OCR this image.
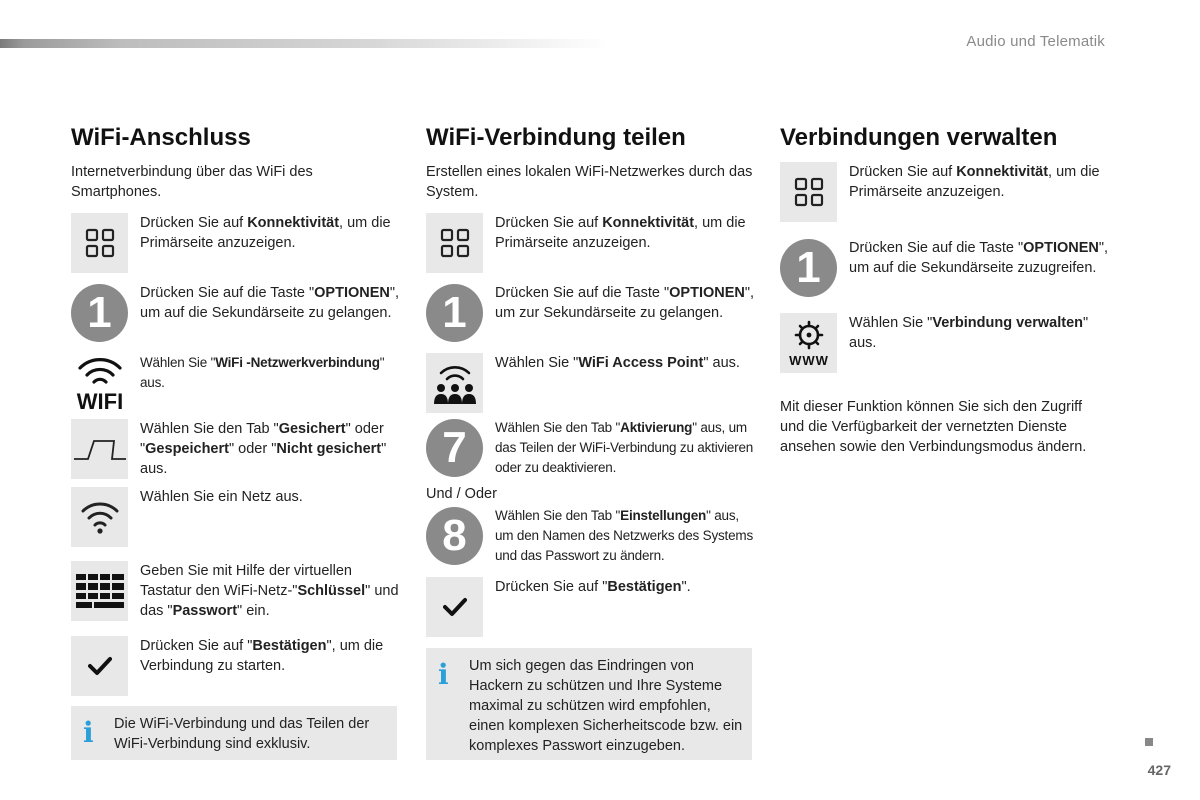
Audio und Telematik
WiFi-Anschluss
Internetverbindung über das WiFi des Smartphones.
Drücken Sie auf Konnektivität, um die Primärseite anzuzeigen.
1	Drücken Sie auf die Taste "OPTIONEN", um auf die Sekundärseite zu gelangen.
WIFI
Wählen Sie "WiFi -Netzwerkverbindung" aus.
Wählen Sie den Tab "Gesichert" oder "Gespeichert" oder "Nicht gesichert" aus.
Wählen Sie ein Netz aus.
Geben Sie mit Hilfe der virtuellen Tastatur den WiFi-Netz-"Schlüssel" und das "Passwort" ein.
Drücken Sie auf "Bestätigen", um die Verbindung zu starten.
i Die WiFi-Verbindung und das Teilen der WiFi-Verbindung sind exklusiv.
WiFi-Verbindung teilen
Erstellen eines lokalen WiFi-Netzwerkes durch das System.
Drücken Sie auf Konnektivität, um die Primärseite anzuzeigen.
1	Drücken Sie auf die Taste "OPTIONEN", um zur Sekundärseite zu gelangen.
Wählen Sie "WiFi Access Point" aus.
7	Wählen Sie den Tab "Aktivierung" aus, um das Teilen der WiFi-Verbindung zu aktivieren oder zu deaktivieren.
Und / Oder
8	Wählen Sie den Tab "Einstellungen" aus, um den Namen des Netzwerks des Systems und das Passwort zu ändern.
Drücken Sie auf "Bestätigen".
i Um sich gegen das Eindringen von Hackern zu schützen und Ihre Systeme maximal zu schützen wird empfohlen, einen komplexen Sicherheitscode bzw. ein komplexes Passwort einzugeben.
Verbindungen verwalten
Drücken Sie auf Konnektivität, um die Primärseite anzuzeigen.
1	Drücken Sie auf die Taste "OPTIONEN", um auf die Sekundärseite zuzugreifen.
WWW
Wählen Sie "Verbindung verwalten" aus.
Mit dieser Funktion können Sie sich den Zugriff und die Verfügbarkeit der vernetzten Dienste ansehen sowie den Verbindungsmodus ändern.
427
